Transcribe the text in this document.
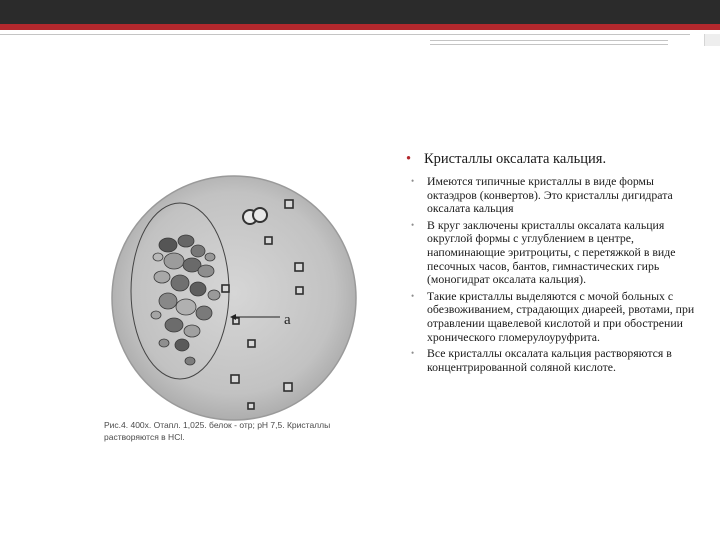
a
Рис.4. 400х. Отапл. 1,025. белок - отр; рН 7,5. Кристаллы растворяются в HCl.
• Кристаллы оксалата кальция.
• Имеются типичные кристаллы в виде формы октаэдров (конвертов). Это кристаллы дигидрата оксалата кальция
• В круг заключены кристаллы оксалата кальция округлой формы с углублением в центре, напоминающие эритроциты, с перетяжкой в виде песочных часов, бантов, гимнастических гирь (моногидрат оксалата кальция).
• Такие кристаллы выделяются с мочой больных с обезвоживанием, страдающих диареей, рвотами, при отравлении щавелевой кислотой и при обострении хронического гломерулоуруфрита.
• Все кристаллы оксалата кальция растворяются в концентрированной соляной кислоте.
